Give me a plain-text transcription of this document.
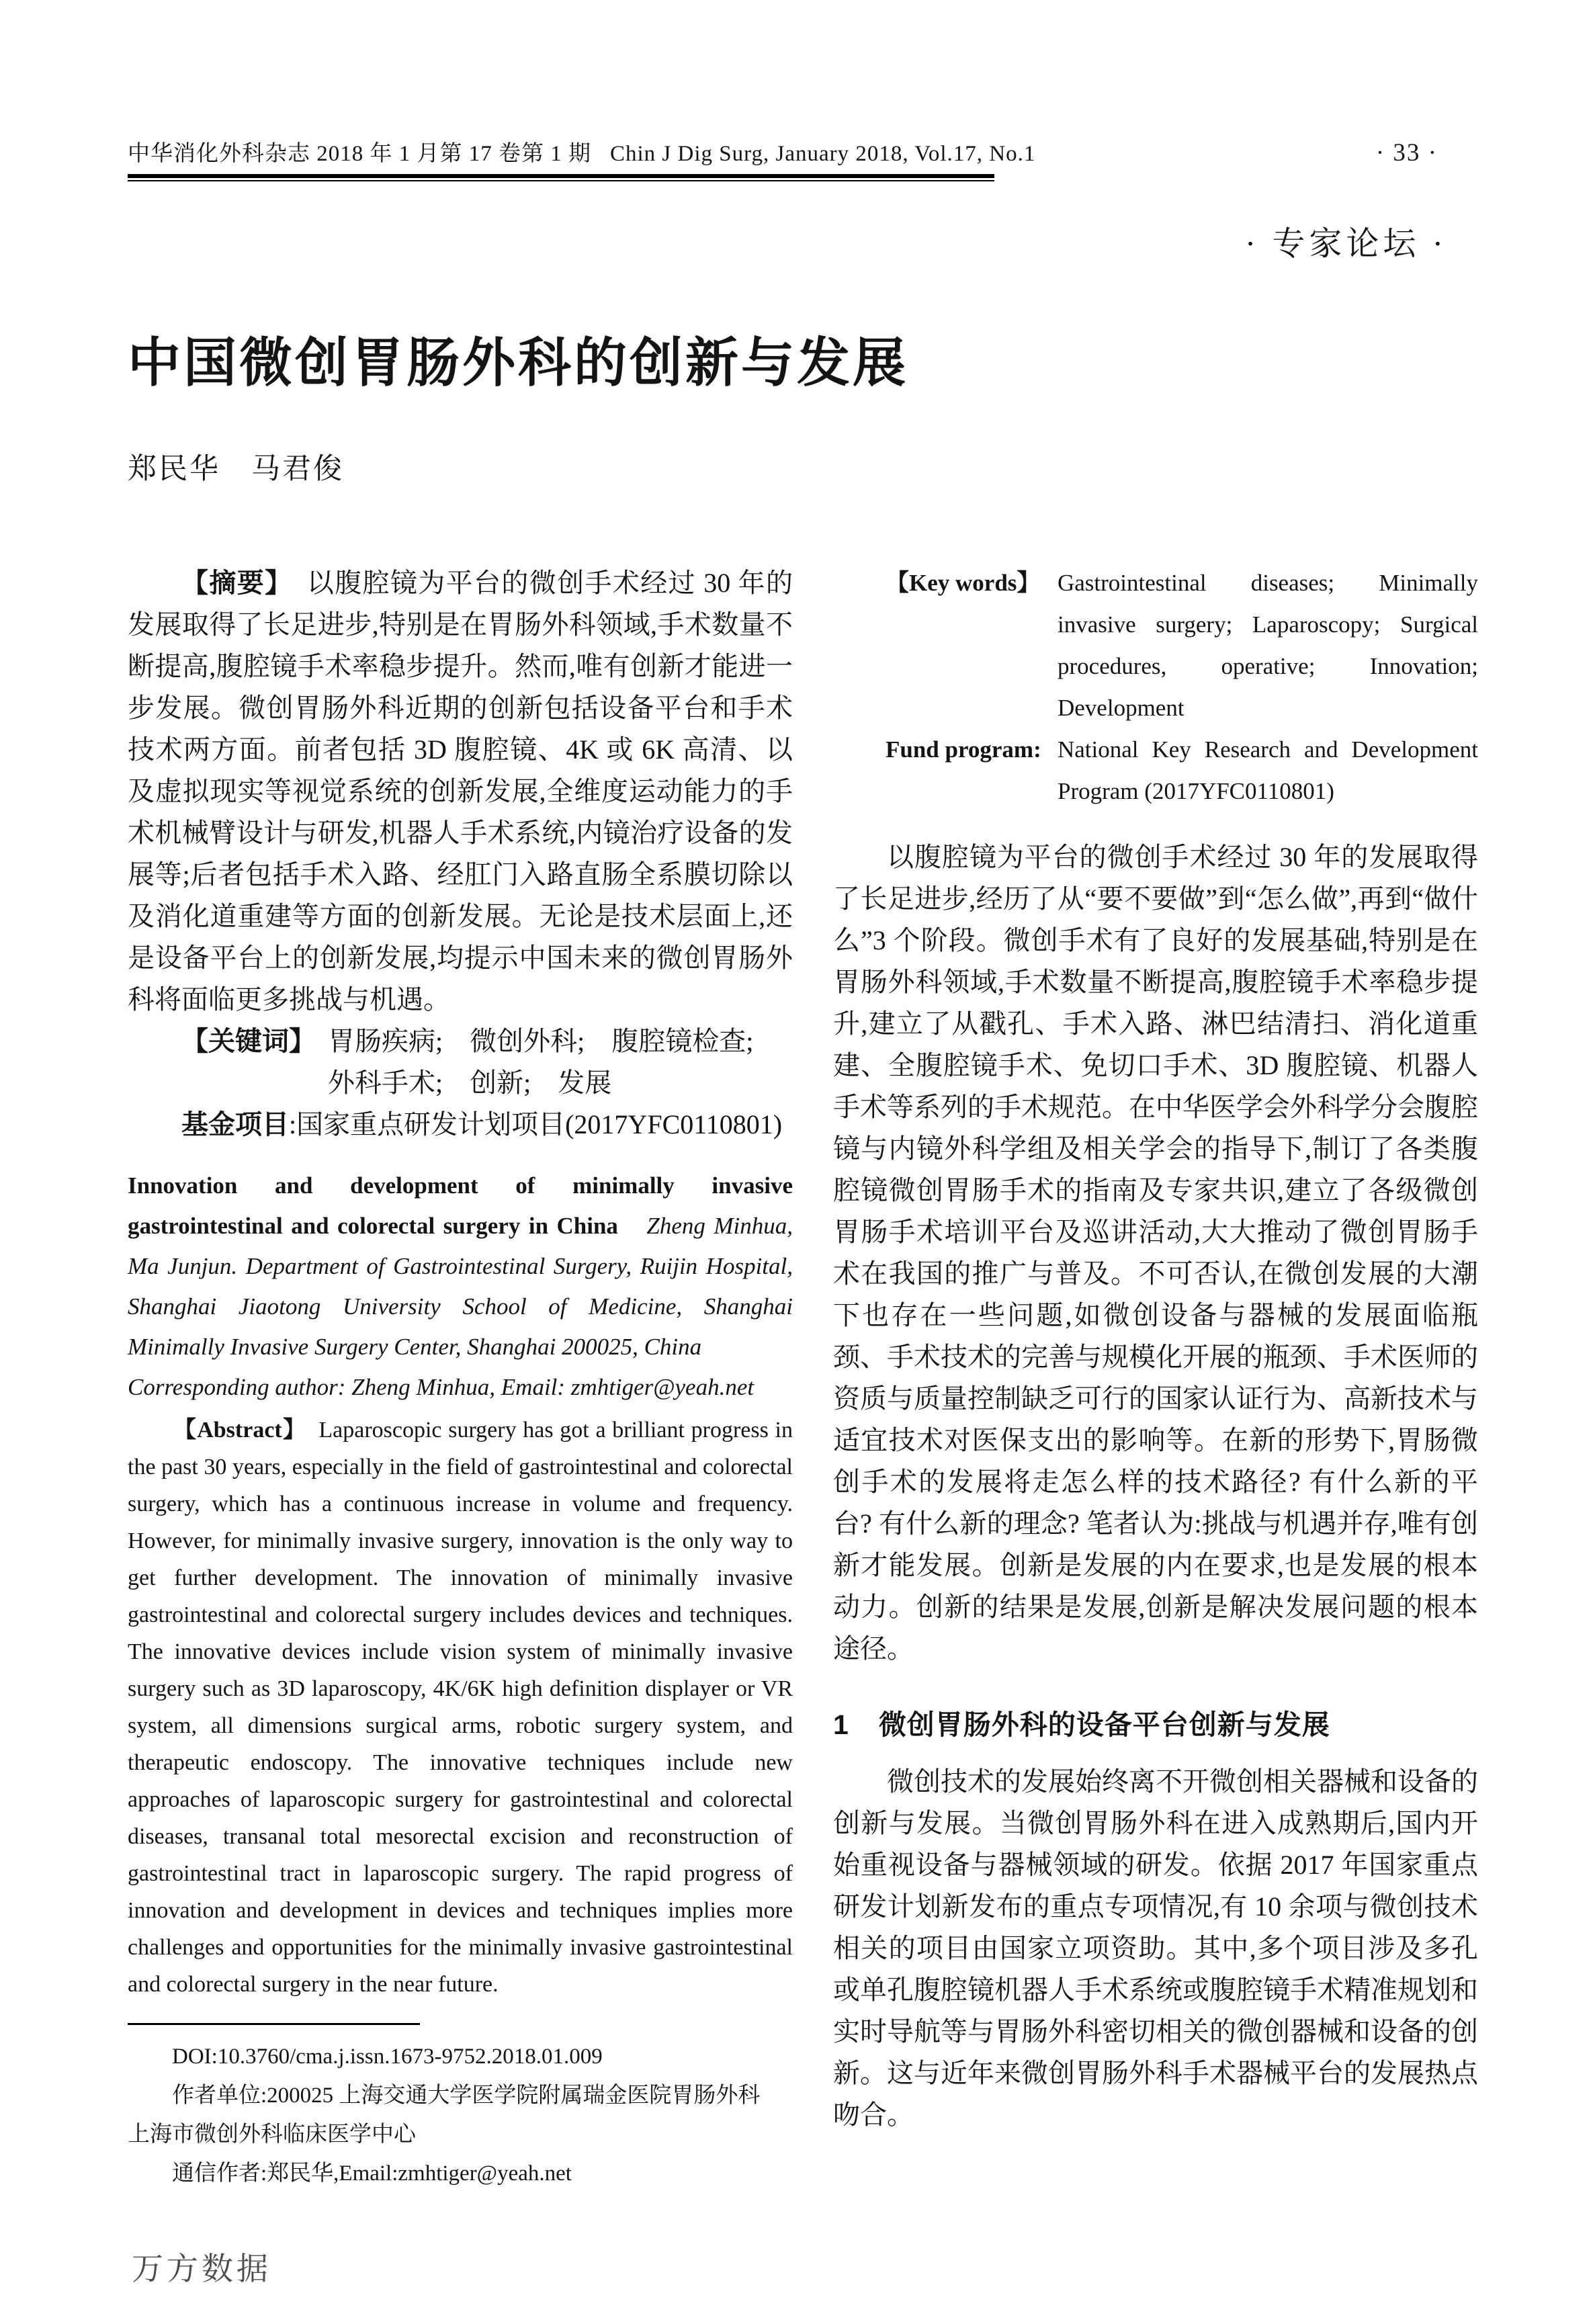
中华消化外科杂志 2018 年 1 月第 17 卷第 1 期 Chin J Dig Surg, January 2018, Vol.17, No.1	· 33 ·
· 专家论坛 ·
中国微创胃肠外科的创新与发展
郑民华　马君俊

【摘要】　以腹腔镜为平台的微创手术经过 30 年的发展取得了长足进步,特别是在胃肠外科领域,手术数量不断提高,腹腔镜手术率稳步提升。然而,唯有创新才能进一步发展。微创胃肠外科近期的创新包括设备平台和手术技术两方面。前者包括 3D 腹腔镜、4K 或 6K 高清、以及虚拟现实等视觉系统的创新发展,全维度运动能力的手术机械臂设计与研发,机器人手术系统,内镜治疗设备的发展等;后者包括手术入路、经肛门入路直肠全系膜切除以及消化道重建等方面的创新发展。无论是技术层面上,还是设备平台上的创新发展,均提示中国未来的微创胃肠外科将面临更多挑战与机遇。

【关键词】 胃肠疾病;　微创外科;　腹腔镜检查;　外科手术;　创新;　发展

基金项目:国家重点研发计划项目(2017YFC0110801)

Innovation and development of minimally invasive gastrointestinal and colorectal surgery in China　 Zheng Minhua, Ma Junjun. Department of Gastrointestinal Surgery, Ruijin Hospital, Shanghai Jiaotong University School of Medicine, Shanghai Minimally Invasive Surgery Center, Shanghai 200025, China

Corresponding author: Zheng Minhua, Email: zmhtiger@yeah.net

【Abstract】　Laparoscopic surgery has got a brilliant progress in the past 30 years, especially in the field of gastrointestinal and colorectal surgery, which has a continuous increase in volume and frequency. However, for minimally invasive surgery, innovation is the only way to get further development. The innovation of minimally invasive gastrointestinal and colorectal surgery includes devices and techniques. The innovative devices include vision system of minimally invasive surgery such as 3D laparoscopy, 4K/6K high definition displayer or VR system, all dimensions surgical arms, robotic surgery system, and therapeutic endoscopy. The innovative techniques include new approaches of laparoscopic surgery for gastrointestinal and colorectal diseases, transanal total mesorectal excision and reconstruction of gastrointestinal tract in laparoscopic surgery. The rapid progress of innovation and development in devices and techniques implies more challenges and opportunities for the minimally invasive gastrointestinal and colorectal surgery in the near future.

DOI:10.3760/cma.j.issn.1673-9752.2018.01.009

作者单位:200025 上海交通大学医学院附属瑞金医院胃肠外科

上海市微创外科临床医学中心

通信作者:郑民华,Email:zmhtiger@yeah.net

【Key words】 Gastrointestinal diseases; Minimally invasive surgery; Laparoscopy; Surgical procedures, operative; Innovation; Development
Fund program: National Key Research and Development Program (2017YFC0110801)

以腹腔镜为平台的微创手术经过 30 年的发展取得了长足进步,经历了从“要不要做”到“怎么做”,再到“做什么”3 个阶段。微创手术有了良好的发展基础,特别是在胃肠外科领域,手术数量不断提高,腹腔镜手术率稳步提升,建立了从戳孔、手术入路、淋巴结清扫、消化道重建、全腹腔镜手术、免切口手术、3D 腹腔镜、机器人手术等系列的手术规范。在中华医学会外科学分会腹腔镜与内镜外科学组及相关学会的指导下,制订了各类腹腔镜微创胃肠手术的指南及专家共识,建立了各级微创胃肠手术培训平台及巡讲活动,大大推动了微创胃肠手术在我国的推广与普及。不可否认,在微创发展的大潮下也存在一些问题,如微创设备与器械的发展面临瓶颈、手术技术的完善与规模化开展的瓶颈、手术医师的资质与质量控制缺乏可行的国家认证行为、高新技术与适宜技术对医保支出的影响等。在新的形势下,胃肠微创手术的发展将走怎么样的技术路径? 有什么新的平台? 有什么新的理念? 笔者认为:挑战与机遇并存,唯有创新才能发展。创新是发展的内在要求,也是发展的根本动力。创新的结果是发展,创新是解决发展问题的根本途径。

1 微创胃肠外科的设备平台创新与发展

微创技术的发展始终离不开微创相关器械和设备的创新与发展。当微创胃肠外科在进入成熟期后,国内开始重视设备与器械领域的研发。依据 2017 年国家重点研发计划新发布的重点专项情况,有 10 余项与微创技术相关的项目由国家立项资助。其中,多个项目涉及多孔或单孔腹腔镜机器人手术系统或腹腔镜手术精准规划和实时导航等与胃肠外科密切相关的微创器械和设备的创新。这与近年来微创胃肠外科手术器械平台的发展热点吻合。

万方数据
